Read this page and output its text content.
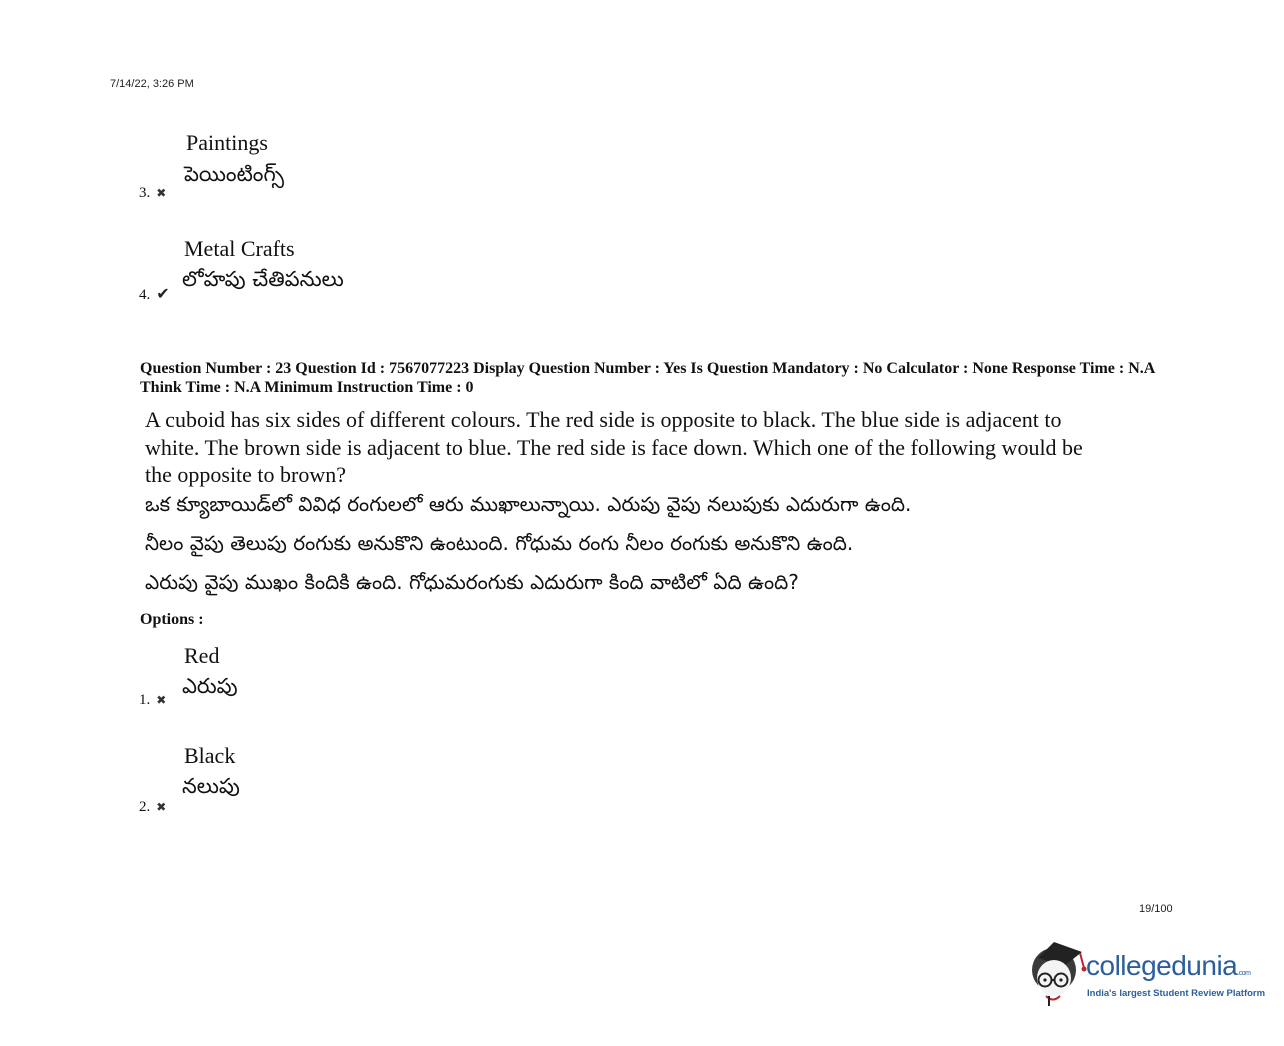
7/14/22, 3:26 PM
Paintings
పెయింటింగ్స్
3. ✖
Metal Crafts
లోహపు చేతిపనులు
4. ✔
Question Number : 23 Question Id : 7567077223 Display Question Number : Yes Is Question Mandatory : No Calculator : None Response Time : N.A Think Time : N.A Minimum Instruction Time : 0
A cuboid has six sides of different colours. The red side is opposite to black. The blue side is adjacent to white. The brown side is adjacent to blue. The red side is face down. Which one of the following would be the opposite to brown?
ఒక క్యూబాయిడ్‌లో వివిధ రంగులలో ఆరు ముఖాలున్నాయి. ఎరుపు వైపు నలుపుకు ఎదురుగా ఉంది.
నీలం వైపు తెలుపు రంగుకు అనుకొని ఉంటుంది. గోధుమ రంగు నీలం రంగుకు అనుకొని ఉంది.
ఎరుపు వైపు ముఖం కిందికి ఉంది. గోధుమరంగుకు ఎదురుగా కింది వాటిలో ఏది ఉంది?
Options :
Red
ఎరుపు
1. ✖
Black
నలుపు
2. ✖
19/100
collegedunia.com
India's largest Student Review Platform
